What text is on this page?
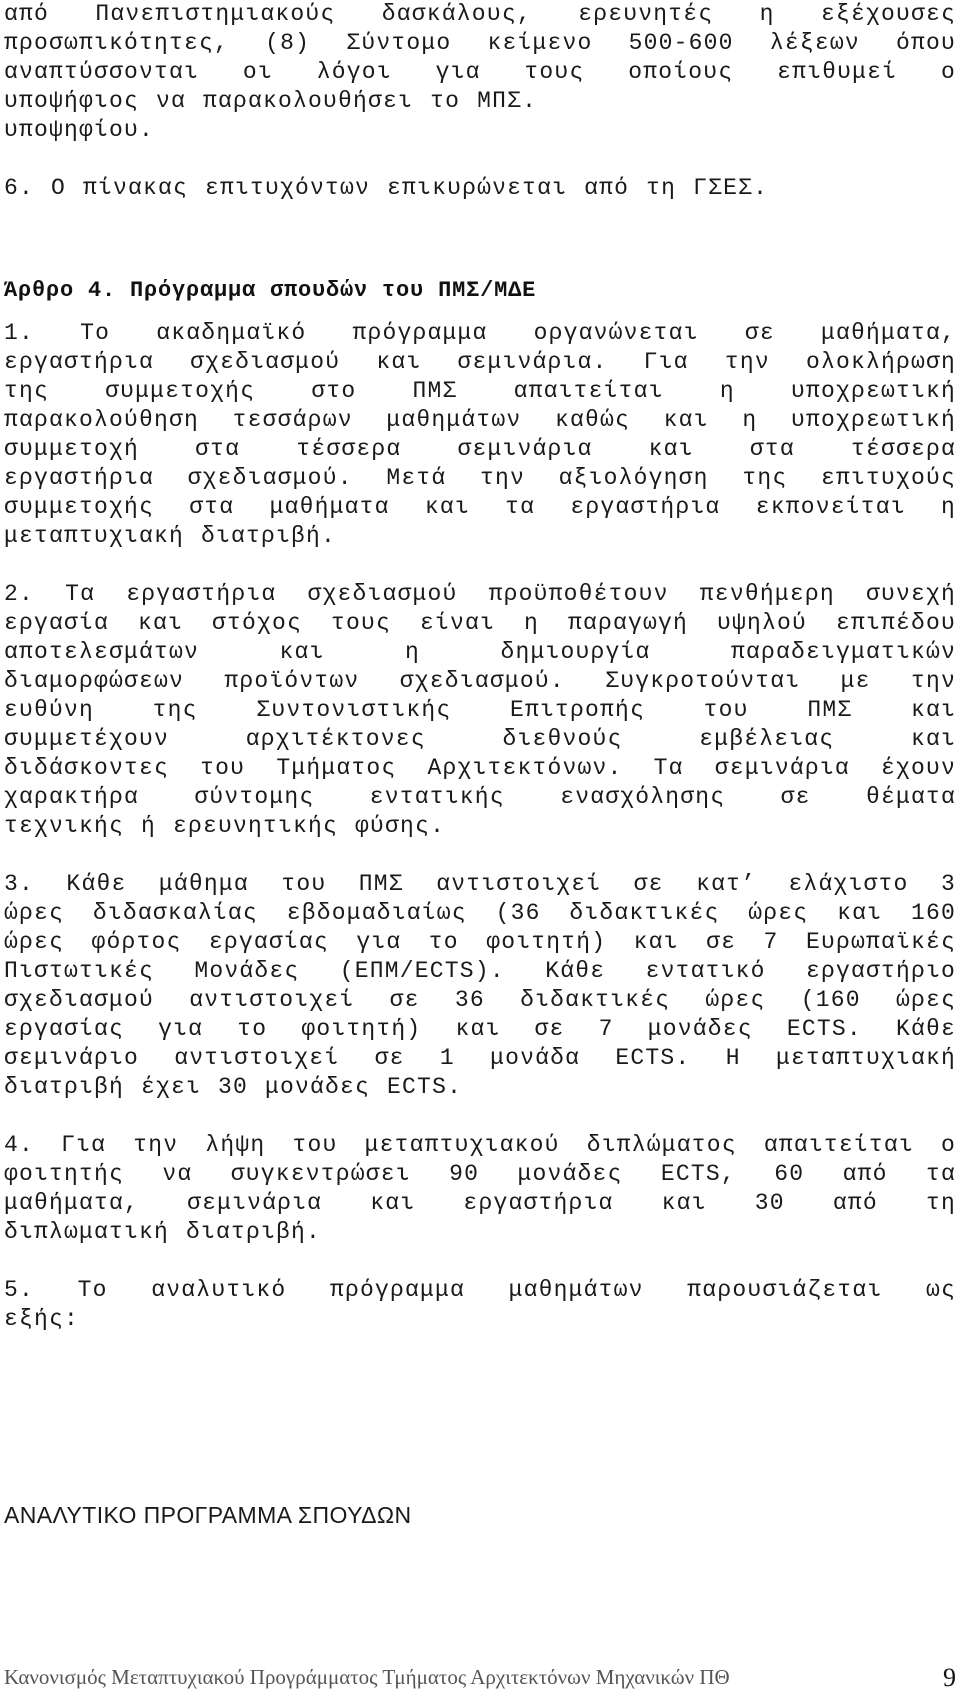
από Πανεπιστημιακούς δασκάλους, ερευνητές η εξέχουσες
προσωπικότητες, (8) Σύντομο κείμενο 500-600 λέξεων όπου
αναπτύσσονται οι λόγοι για τους οποίους επιθυμεί ο
υποψήφιος να παρακολουθήσει το ΜΠΣ.
υποψηφίου.
6. Ο πίνακας επιτυχόντων επικυρώνεται από τη ΓΣΕΣ.
Άρθρο 4. Πρόγραμμα σπουδών του ΠΜΣ/ΜΔΕ
1. Το ακαδημαϊκό πρόγραμμα οργανώνεται σε μαθήματα,
εργαστήρια σχεδιασμού και σεμινάρια. Για την ολοκλήρωση
της συμμετοχής στο ΠΜΣ απαιτείται η υποχρεωτική
παρακολούθηση τεσσάρων μαθημάτων καθώς και η υποχρεωτική
συμμετοχή στα τέσσερα σεμινάρια και στα τέσσερα
εργαστήρια σχεδιασμού. Μετά την αξιολόγηση της επιτυχούς
συμμετοχής στα μαθήματα και τα εργαστήρια εκπονείται η
μεταπτυχιακή διατριβή.
2. Τα εργαστήρια σχεδιασμού προϋποθέτουν πενθήμερη συνεχή
εργασία και στόχος τους είναι η παραγωγή υψηλού επιπέδου
αποτελεσμάτων και η δημιουργία παραδειγματικών
διαμορφώσεων προϊόντων σχεδιασμού. Συγκροτούνται με την
ευθύνη της Συντονιστικής Επιτροπής του ΠΜΣ και
συμμετέχουν αρχιτέκτονες διεθνούς εμβέλειας και
διδάσκοντες του Τμήματος Αρχιτεκτόνων. Τα σεμινάρια έχουν
χαρακτήρα σύντομης εντατικής ενασχόλησης σε θέματα
τεχνικής ή ερευνητικής φύσης.
3. Κάθε μάθημα του ΠΜΣ αντιστοιχεί σε κατ’ ελάχιστο 3
ώρες διδασκαλίας εβδομαδιαίως (36 διδακτικές ώρες και 160
ώρες φόρτος εργασίας για το φοιτητή) και σε 7 Ευρωπαϊκές
Πιστωτικές Μονάδες (ΕΠΜ/ECTS). Κάθε εντατικό εργαστήριο
σχεδιασμού αντιστοιχεί σε 36 διδακτικές ώρες (160 ώρες
εργασίας για το φοιτητή) και σε 7 μονάδες ECTS. Κάθε
σεμινάριο αντιστοιχεί σε 1 μονάδα ECTS. Η μεταπτυχιακή
διατριβή έχει 30 μονάδες ECTS.
4. Για την λήψη του μεταπτυχιακού διπλώματος απαιτείται ο
φοιτητής να συγκεντρώσει 90 μονάδες ECTS, 60 από τα
μαθήματα, σεμινάρια και εργαστήρια και 30 από τη
διπλωματική διατριβή.
5. Το αναλυτικό πρόγραμμα μαθημάτων παρουσιάζεται ως
εξής:
ΑΝΑΛΥΤΙΚΟ ΠΡΟΓΡΑΜΜΑ ΣΠΟΥΔΩΝ
Κανονισμός Μεταπτυχιακού Προγράμματος Τμήματος Αρχιτεκτόνων Μηχανικών ΠΘ	9
